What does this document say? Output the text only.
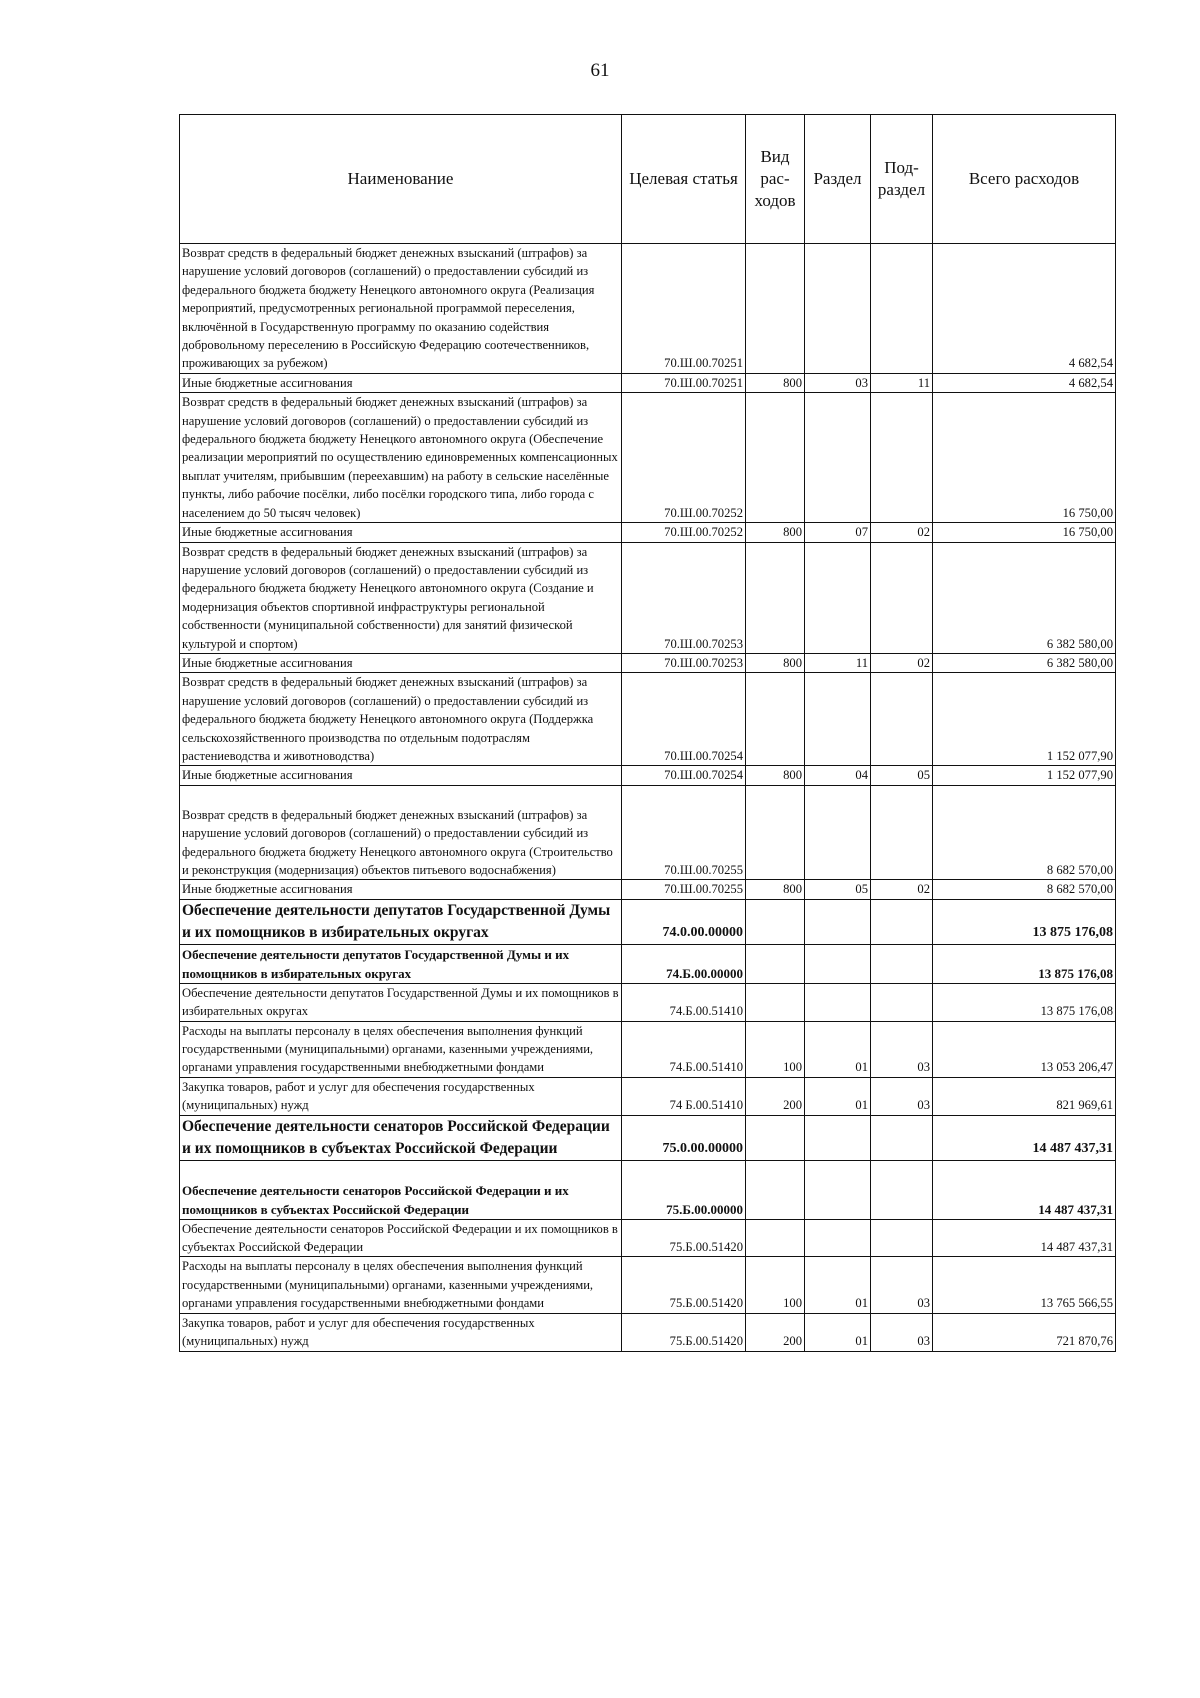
61
Наименование	Целевая статья	Вид рас- ходов	Раздел	Под- раздел	Всего расходов
Возврат средств в федеральный бюджет денежных взысканий (штрафов) за нарушение условий договоров (соглашений) о предоставлении субсидий из федерального бюджета бюджету Ненецкого автономного округа (Реализация мероприятий, предусмотренных региональной программой переселения, включённой в Государственную программу по оказанию содействия добровольному переселению в Российскую Федерацию соотечественников, проживающих за рубежом)	70.Ш.00.70251				4 682,54
Иные бюджетные ассигнования	70.Ш.00.70251	800	03	11	4 682,54
Возврат средств в федеральный бюджет денежных взысканий (штрафов) за нарушение условий договоров (соглашений) о предоставлении субсидий из федерального бюджета бюджету Ненецкого автономного округа (Обеспечение реализации мероприятий по осуществлению единовременных компенсационных выплат учителям, прибывшим (переехавшим) на работу в сельские населённые пункты, либо рабочие посёлки, либо посёлки городского типа, либо города с населением до 50 тысяч человек)	70.Ш.00.70252				16 750,00
Иные бюджетные ассигнования	70.Ш.00.70252	800	07	02	16 750,00
Возврат средств в федеральный бюджет денежных взысканий (штрафов) за нарушение условий договоров (соглашений) о предоставлении субсидий из федерального бюджета бюджету Ненецкого автономного округа (Создание и модернизация объектов спортивной инфраструктуры региональной собственности (муниципальной собственности) для занятий физической культурой и спортом)	70.Ш.00.70253				6 382 580,00
Иные бюджетные ассигнования	70.Ш.00.70253	800	11	02	6 382 580,00
Возврат средств в федеральный бюджет денежных взысканий (штрафов) за нарушение условий договоров (соглашений) о предоставлении субсидий из федерального бюджета бюджету Ненецкого автономного округа (Поддержка сельскохозяйственного производства по отдельным подотраслям растениеводства и животноводства)	70.Ш.00.70254				1 152 077,90
Иные бюджетные ассигнования	70.Ш.00.70254	800	04	05	1 152 077,90
Возврат средств в федеральный бюджет денежных взысканий (штрафов) за нарушение условий договоров (соглашений) о предоставлении субсидий из федерального бюджета бюджету Ненецкого автономного округа (Строительство и реконструкция (модернизация) объектов питьевого водоснабжения)	70.Ш.00.70255				8 682 570,00
Иные бюджетные ассигнования	70.Ш.00.70255	800	05	02	8 682 570,00
Обеспечение деятельности депутатов Государственной Думы и их помощников в избирательных округах	74.0.00.00000				13 875 176,08
Обеспечение деятельности депутатов Государственной Думы и их помощников в избирательных округах	74.Б.00.00000				13 875 176,08
Обеспечение деятельности депутатов Государственной Думы и их помощников в избирательных округах	74.Б.00.51410				13 875 176,08
Расходы на выплаты персоналу в целях обеспечения выполнения функций государственными (муниципальными) органами, казенными учреждениями, органами управления государственными внебюджетными фондами	74.Б.00.51410	100	01	03	13 053 206,47
Закупка товаров, работ и услуг для обеспечения государственных (муниципальных) нужд	74 Б.00.51410	200	01	03	821 969,61
Обеспечение деятельности сенаторов Российской Федерации и их помощников в субъектах Российской Федерации	75.0.00.00000				14 487 437,31
Обеспечение деятельности сенаторов Российской Федерации и их помощников в субъектах Российской Федерации	75.Б.00.00000				14 487 437,31
Обеспечение деятельности сенаторов Российской Федерации и их помощников в субъектах Российской Федерации	75.Б.00.51420				14 487 437,31
Расходы на выплаты персоналу в целях обеспечения выполнения функций государственными (муниципальными) органами, казенными учреждениями, органами управления государственными внебюджетными фондами	75.Б.00.51420	100	01	03	13 765 566,55
Закупка товаров, работ и услуг для обеспечения государственных (муниципальных) нужд	75.Б.00.51420	200	01	03	721 870,76
